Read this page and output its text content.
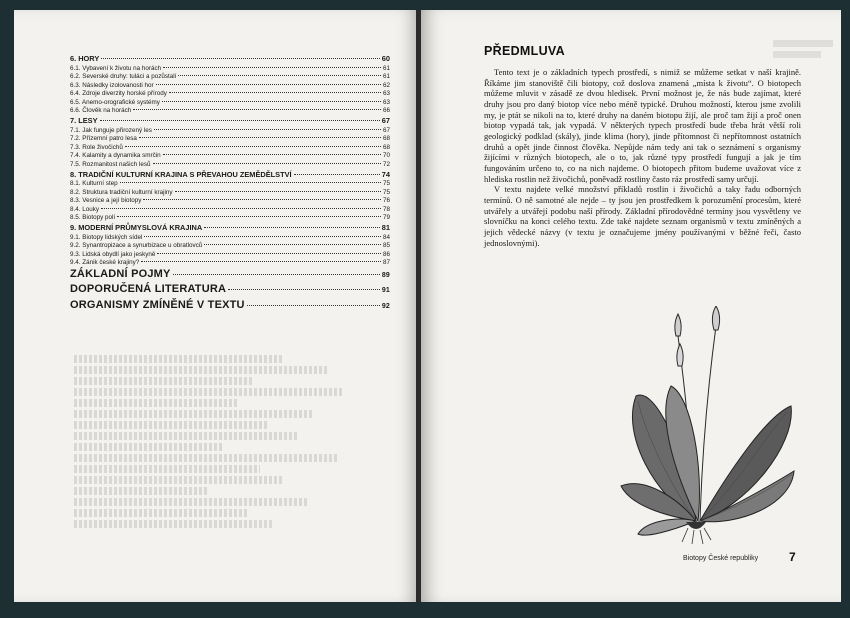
6. HORY	60
6.1. Vybavení k životu na horách	61
6.2. Severské druhy: tuláci a pozůstalí	61
6.3. Následky izolovanosti hor	62
6.4. Zdroje diverzity horské přírody	63
6.5. Anemo-orografické systémy	63
6.6. Člověk na horách	66
7. LESY	67
7.1. Jak funguje přirozený les	67
7.2. Přízemní patro lesa	68
7.3. Role živočichů	68
7.4. Kalamity a dynamika smrčin	70
7.5. Rozmanitost našich lesů	72
8. TRADIČNÍ KULTURNÍ KRAJINA S PŘEVAHOU ZEMĚDĚLSTVÍ	74
8.1. Kulturní step	75
8.2. Struktura tradiční kulturní krajiny	75
8.3. Vesnice a její biotopy	76
8.4. Louky	78
8.5. Biotopy polí	79
9. MODERNÍ PRŮMYSLOVÁ KRAJINA	81
9.1. Biotopy lidských sídel	84
9.2. Synantropizace a synurbizace u obratlovců	85
9.3. Lidská obydlí jako jeskyně	86
9.4. Zánik české krajiny?	87
ZÁKLADNÍ POJMY	89
DOPORUČENÁ LITERATURA	91
ORGANISMY ZMÍNĚNÉ V TEXTU	92
PŘEDMLUVA

Tento text je o základních typech prostředí, s nimiž se můžeme setkat v naší krajině. Říkáme jim stanoviště čili biotopy, což doslova znamená „místa k životu“. O biotopech můžeme mluvit v zásadě ze dvou hledisek. První možnost je, že nás bude zajímat, které druhy jsou pro daný biotop více nebo méně typické. Druhou možností, kterou jsme zvolili my, je ptát se nikoli na to, které druhy na daném biotopu žijí, ale proč tam žijí a proč onen biotop vypadá tak, jak vypadá. V některých typech prostředí bude třeba hrát větší roli geologický podklad (skály), jinde klima (hory), jinde přítomnost či nepřítomnost ostatních druhů a opět jinde činnost člověka. Nepůjde nám tedy ani tak o seznámení s organismy žijícími v různých biotopech, ale o to, jak různé typy prostředí fungují a jak je tím fungováním určeno to, co na nich najdeme. O biotopech přitom budeme uvažovat více z hlediska rostlin než živočichů, poněvadž rostliny často ráz prostředí samy určují.

V textu najdete velké množství příkladů rostlin i živočichů a taky řadu odborných termínů. O ně samotné ale nejde – ty jsou jen prostředkem k porozumění procesům, které utvářely a utvářejí podobu naší přírody. Základní přírodovědné termíny jsou vysvětleny ve slovníčku na konci celého textu. Zde také najdete seznam organismů v textu zmíněných a jejich vědecké názvy (v textu je označujeme jmény používanými v běžné řeči, často jednoslovnými).

Biotopy České republiky	7
